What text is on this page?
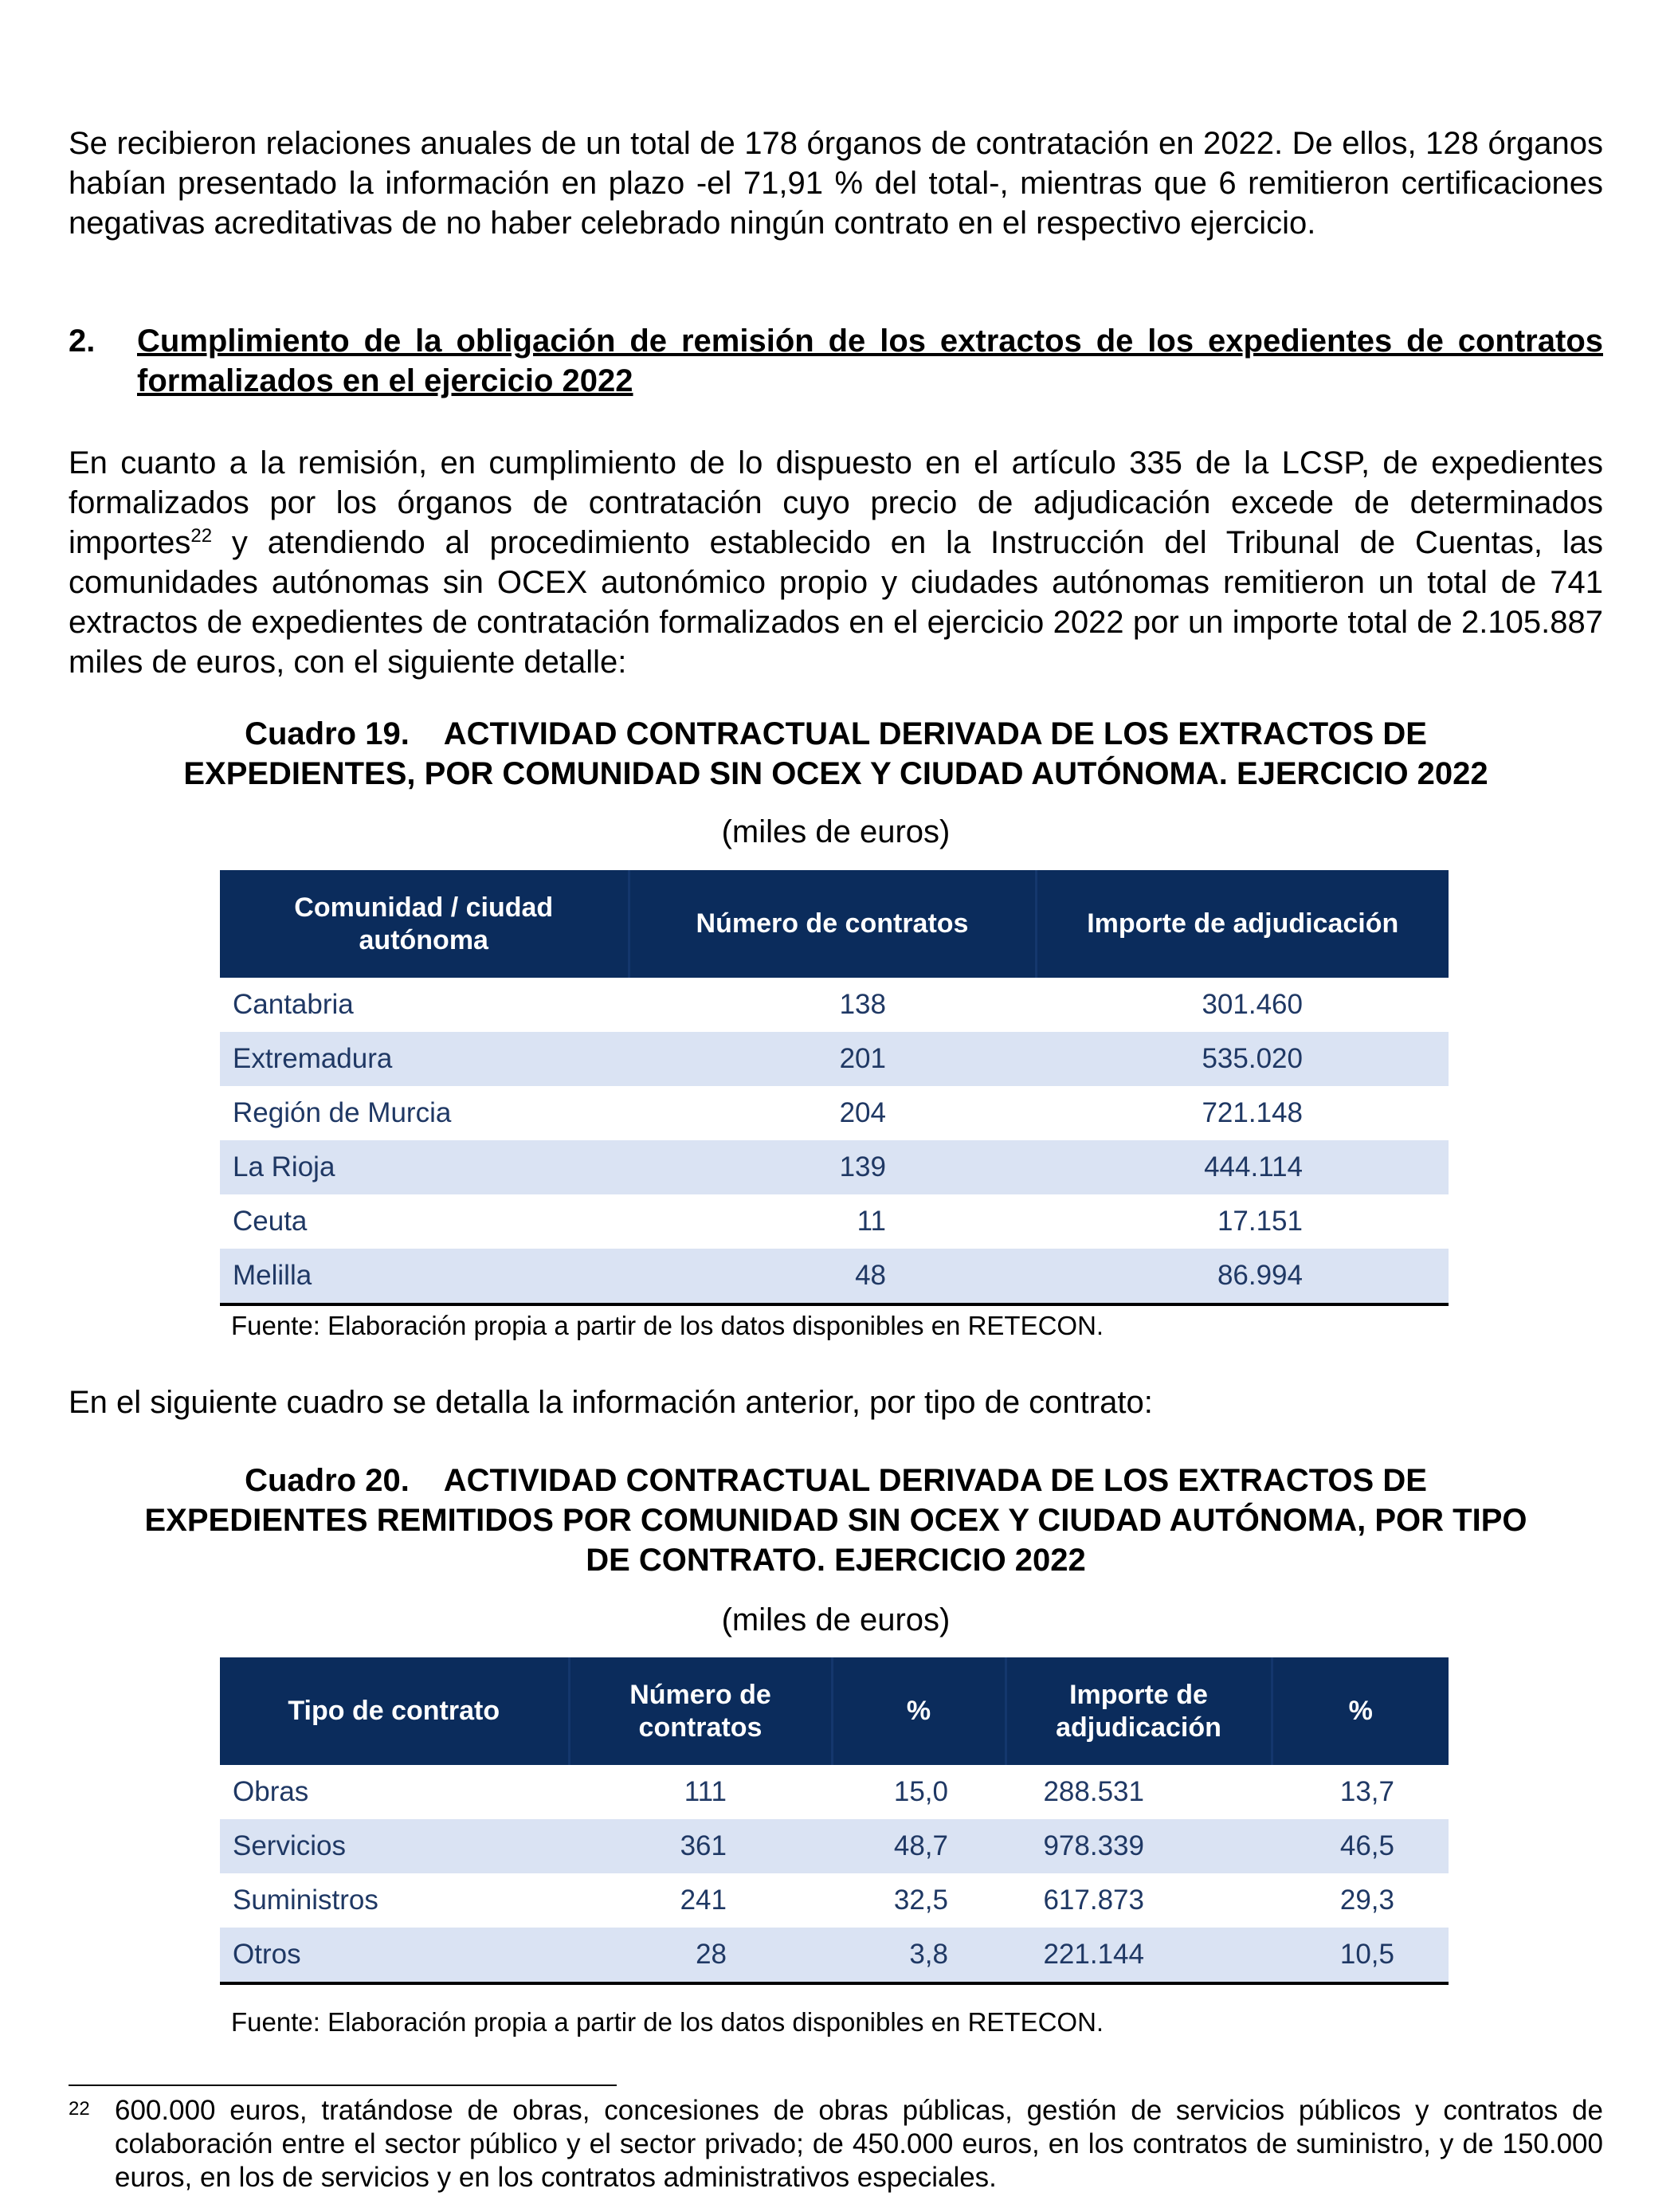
Se recibieron relaciones anuales de un total de 178 órganos de contratación en 2022. De ellos, 128 órganos habían presentado la información en plazo -el 71,91 % del total-, mientras que 6 remitieron certificaciones negativas acreditativas de no haber celebrado ningún contrato en el respectivo ejercicio.

2. Cumplimiento de la obligación de remisión de los extractos de los expedientes de contratos formalizados en el ejercicio 2022

En cuanto a la remisión, en cumplimiento de lo dispuesto en el artículo 335 de la LCSP, de expedientes formalizados por los órganos de contratación cuyo precio de adjudicación excede de determinados importes$^{22}$ y atendiendo al procedimiento establecido en la Instrucción del Tribunal de Cuentas, las comunidades autónomas sin OCEX autonómico propio y ciudades autónomas remitieron un total de 741 extractos de expedientes de contratación formalizados en el ejercicio 2022 por un importe total de 2.105.887 miles de euros, con el siguiente detalle:

Cuadro 19.    ACTIVIDAD CONTRACTUAL DERIVADA DE LOS EXTRACTOS DE
EXPEDIENTES, POR COMUNIDAD SIN OCEX Y CIUDAD AUTÓNOMA. EJERCICIO 2022
(miles de euros)
Comunidad / ciudad autónoma	Número de contratos	Importe de adjudicación
Cantabria	138	301.460
Extremadura	201	535.020
Región de Murcia	204	721.148
La Rioja	139	444.114
Ceuta	11	17.151
Melilla	48	86.994
Fuente: Elaboración propia a partir de los datos disponibles en RETECON.

En el siguiente cuadro se detalla la información anterior, por tipo de contrato:

Cuadro 20.    ACTIVIDAD CONTRACTUAL DERIVADA DE LOS EXTRACTOS DE
EXPEDIENTES REMITIDOS POR COMUNIDAD SIN OCEX Y CIUDAD AUTÓNOMA, POR TIPO
DE CONTRATO. EJERCICIO 2022
(miles de euros)
Tipo de contrato	Número de contratos	%	Importe de adjudicación	%
Obras	111	15,0	288.531	13,7
Servicios	361	48,7	978.339	46,5
Suministros	241	32,5	617.873	29,3
Otros	28	3,8	221.144	10,5
Fuente: Elaboración propia a partir de los datos disponibles en RETECON.
22 600.000 euros, tratándose de obras, concesiones de obras públicas, gestión de servicios públicos y contratos de colaboración entre el sector público y el sector privado; de 450.000 euros, en los contratos de suministro, y de 150.000 euros, en los de servicios y en los contratos administrativos especiales.
